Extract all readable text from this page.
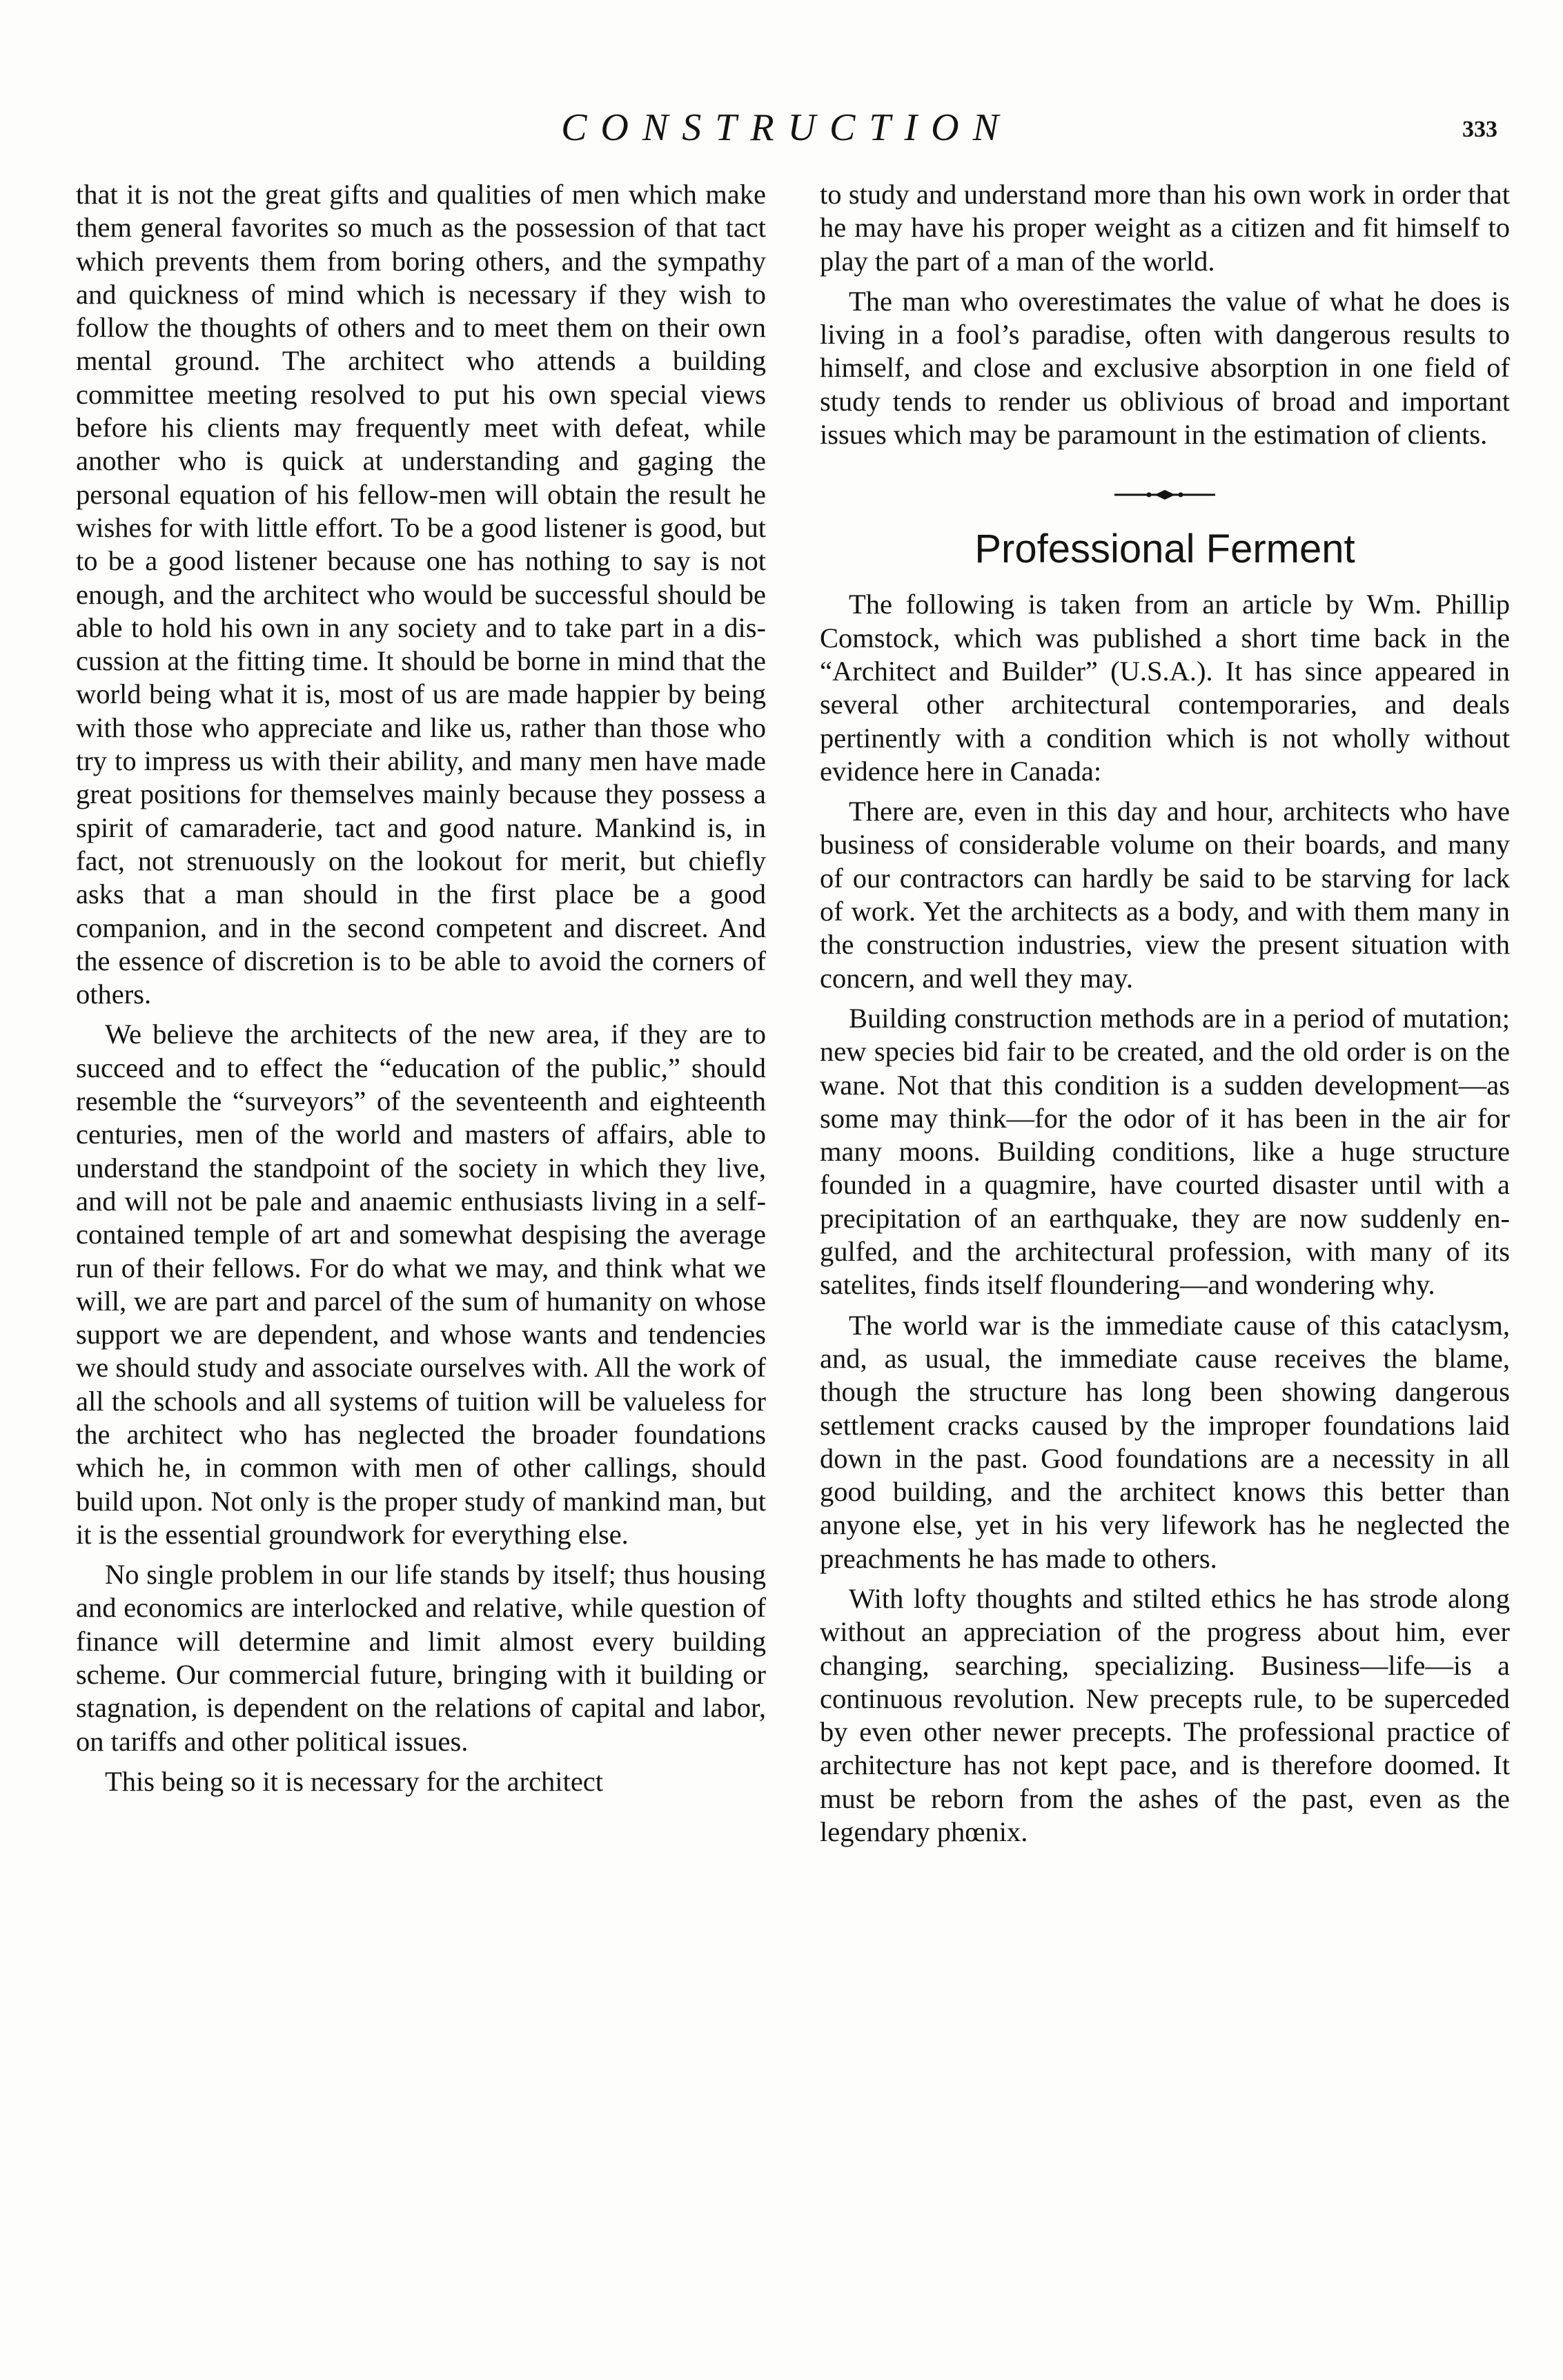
CONSTRUCTION	333

that it is not the great gifts and qualities of men which make them general favorites so much as the possession of that tact which prevents them from boring others, and the sympathy and quickness of mind which is necessary if they wish to follow the thoughts of others and to meet them on their own mental ground. The architect who attends a building committee meeting resolved to put his own special views before his clients may frequently meet with defeat, while another who is quick at understanding and gaging the personal equation of his fellow-men will obtain the result he wishes for with little effort. To be a good listener is good, but to be a good listener because one has nothing to say is not enough, and the architect who would be successful should be able to hold his own in any society and to take part in a discussion at the fitting time. It should be borne in mind that the world being what it is, most of us are made happier by being with those who appreciate and like us, rather than those who try to impress us with their ability, and many men have made great positions for themselves mainly because they possess a spirit of camaraderie, tact and good nature. Mankind is, in fact, not strenuously on the lookout for merit, but chiefly asks that a man should in the first place be a good companion, and in the second competent and discreet. And the essence of discretion is to be able to avoid the corners of others.

We believe the architects of the new area, if they are to succeed and to effect the “education of the public,” should resemble the “surveyors” of the seventeenth and eighteenth centuries, men of the world and masters of affairs, able to understand the standpoint of the society in which they live, and will not be pale and anaemic enthusiasts living in a self-contained temple of art and somewhat despising the average run of their fellows. For do what we may, and think what we will, we are part and parcel of the sum of humanity on whose support we are dependent, and whose wants and tendencies we should study and associate ourselves with. All the work of all the schools and all systems of tuition will be valueless for the architect who has neglected the broader foundations which he, in common with men of other callings, should build upon. Not only is the proper study of mankind man, but it is the essential groundwork for everything else.

No single problem in our life stands by itself; thus housing and economics are interlocked and relative, while question of finance will determine and limit almost every building scheme. Our commercial future, bringing with it building or stagnation, is dependent on the relations of capital and labor, on tariffs and other political issues.

This being so it is necessary for the architect

to study and understand more than his own work in order that he may have his proper weight as a citizen and fit himself to play the part of a man of the world.

The man who overestimates the value of what he does is living in a fool’s paradise, often with dangerous results to himself, and close and exclusive absorption in one field of study tends to render us oblivious of broad and important issues which may be paramount in the estimation of clients.

Professional Ferment

The following is taken from an article by Wm. Phillip Comstock, which was published a short time back in the “Architect and Builder” (U.S.A.). It has since appeared in several other architectural contemporaries, and deals pertinently with a condition which is not wholly without evidence here in Canada:

There are, even in this day and hour, architects who have business of considerable volume on their boards, and many of our contractors can hardly be said to be starving for lack of work. Yet the architects as a body, and with them many in the construction industries, view the present situation with concern, and well they may.

Building construction methods are in a period of mutation; new species bid fair to be created, and the old order is on the wane. Not that this condition is a sudden development—as some may think—for the odor of it has been in the air for many moons. Building conditions, like a huge structure founded in a quagmire, have courted disaster until with a precipitation of an earthquake, they are now suddenly engulfed, and the architectural profession, with many of its satelites, finds itself floundering—and wondering why.

The world war is the immediate cause of this cataclysm, and, as usual, the immediate cause receives the blame, though the structure has long been showing dangerous settlement cracks caused by the improper foundations laid down in the past. Good foundations are a necessity in all good building, and the architect knows this better than anyone else, yet in his very lifework has he neglected the preachments he has made to others.

With lofty thoughts and stilted ethics he has strode along without an appreciation of the progress about him, ever changing, searching, specializing. Business—life—is a continuous revolution. New precepts rule, to be superceded by even other newer precepts. The professional practice of architecture has not kept pace, and is therefore doomed. It must be reborn from the ashes of the past, even as the legendary phœnix.
